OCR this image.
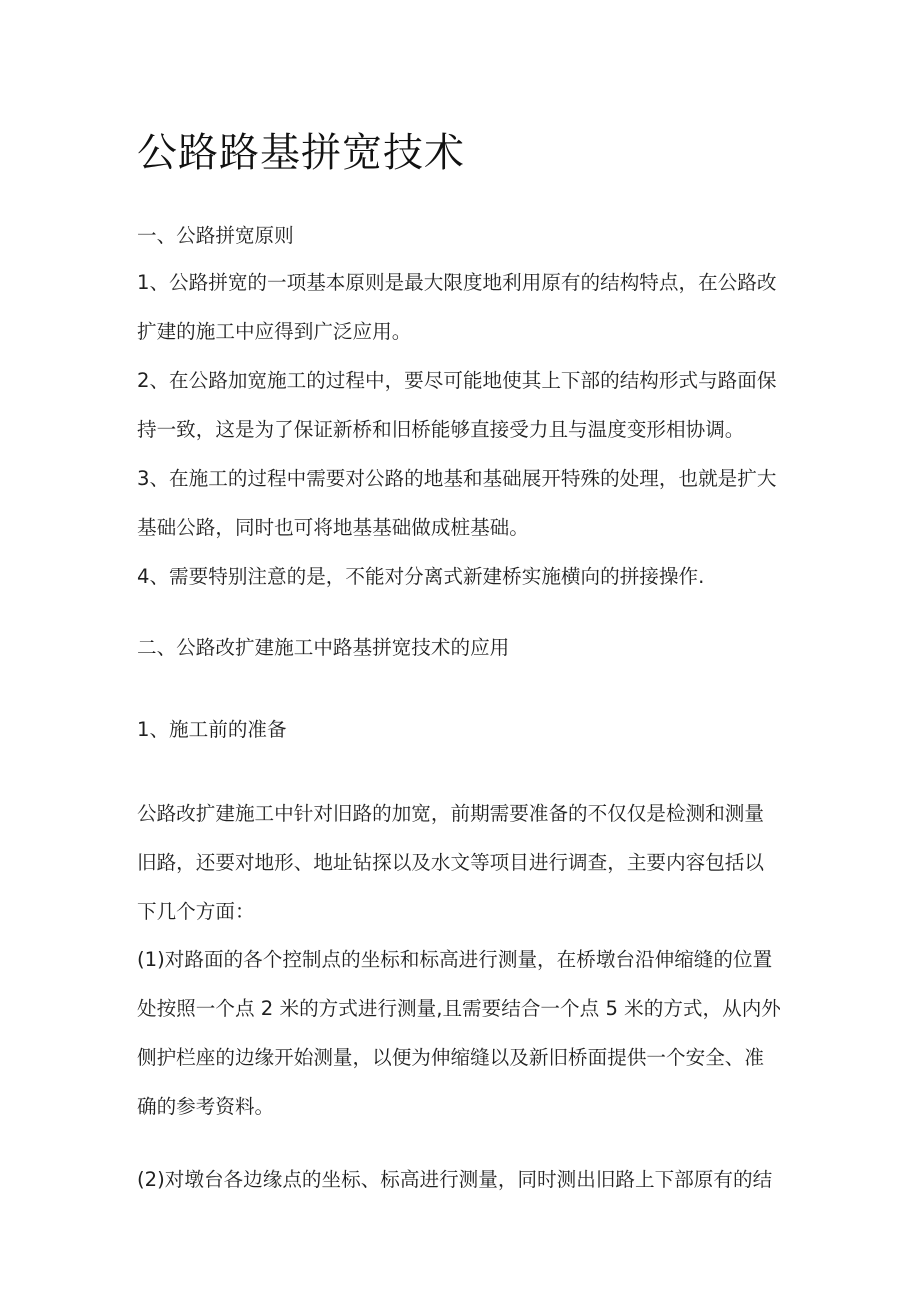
公路路基拼宽技术

一、公路拼宽原则

1、公路拼宽的一项基本原则是最大限度地利用原有的结构特点，在公路改
扩建的施工中应得到广泛应用。

2、在公路加宽施工的过程中，要尽可能地使其上下部的结构形式与路面保
持一致，这是为了保证新桥和旧桥能够直接受力且与温度变形相协调。

3、在施工的过程中需要对公路的地基和基础展开特殊的处理，也就是扩大
基础公路，同时也可将地基基础做成桩基础。

4、需要特别注意的是，不能对分离式新建桥实施横向的拼接操作.

二、公路改扩建施工中路基拼宽技术的应用

1、施工前的准备

公路改扩建施工中针对旧路的加宽，前期需要准备的不仅仅是检测和测量
旧路，还要对地形、地址钻探以及水文等项目进行调查，主要内容包括以
下几个方面：

(1)对路面的各个控制点的坐标和标高进行测量，在桥墩台沿伸缩缝的位置
处按照一个点 2 米的方式进行测量,且需要结合一个点 5 米的方式，从内外
侧护栏座的边缘开始测量，以便为伸缩缝以及新旧桥面提供一个安全、准
确的参考资料。

(2)对墩台各边缘点的坐标、标高进行测量，同时测出旧路上下部原有的结
